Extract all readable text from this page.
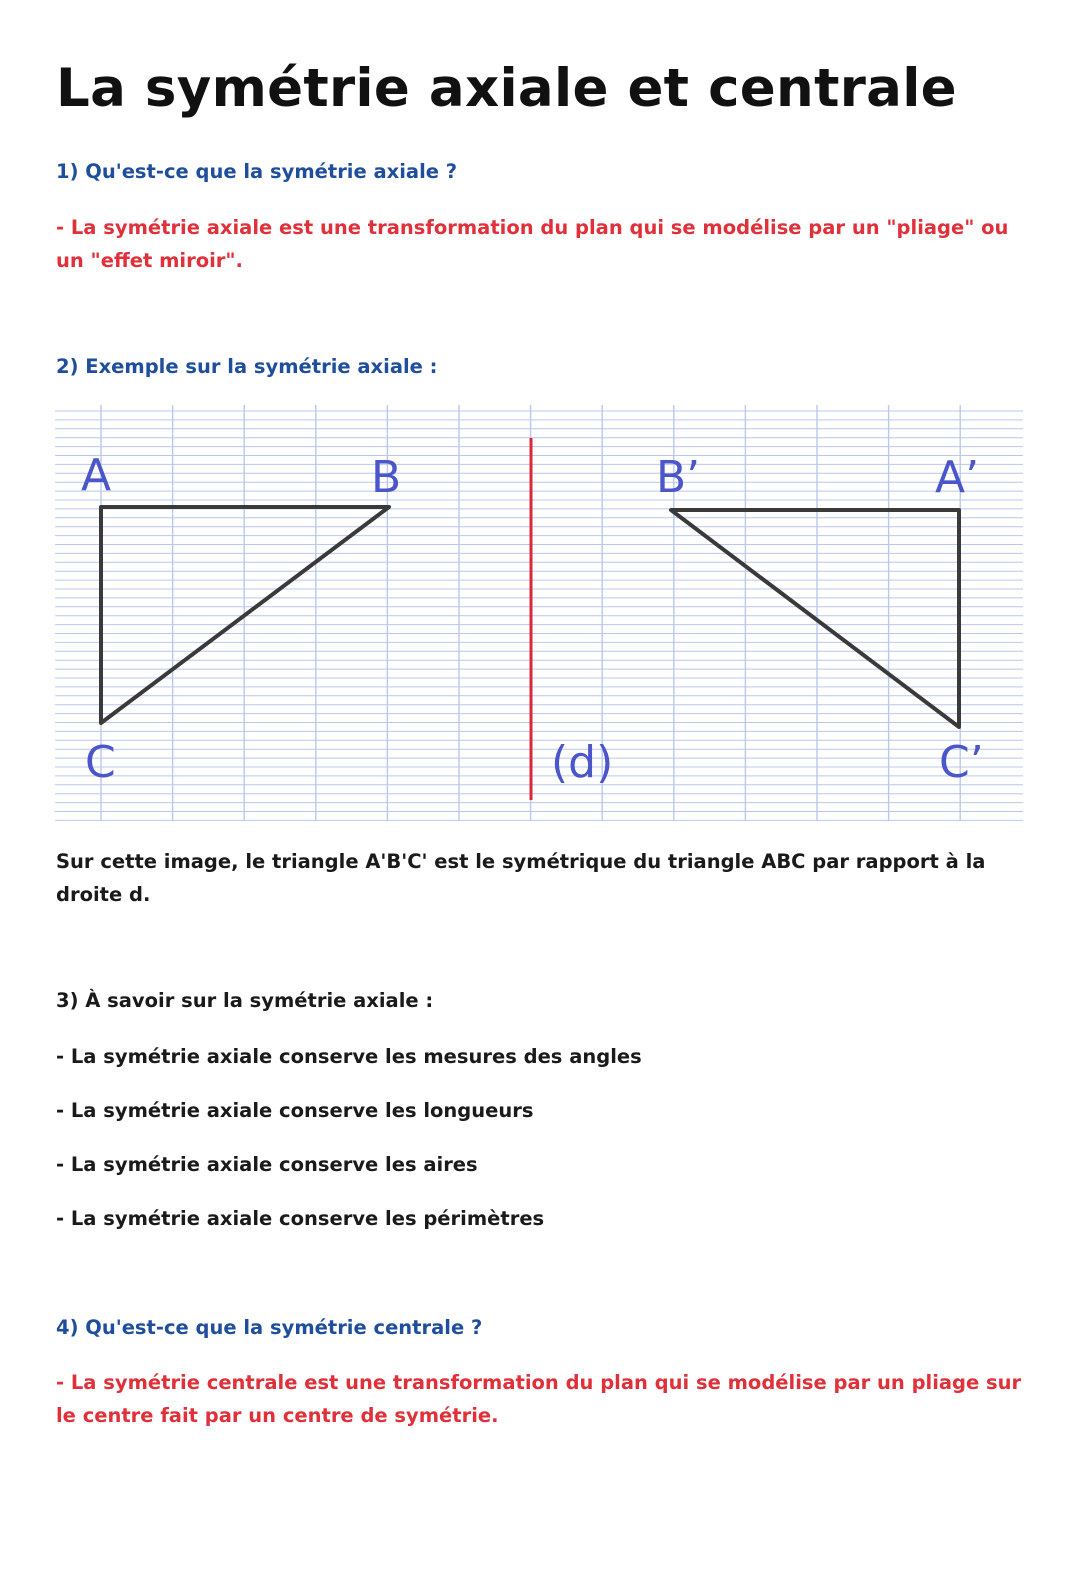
La symétrie axiale et centrale

1) Qu'est-ce que la symétrie axiale ?

- La symétrie axiale est une transformation du plan qui se modélise par un "pliage" ou un "effet miroir".

2) Exemple sur la symétrie axiale :

A	B
C
B’	A’
C’
(d)

Sur cette image, le triangle A'B'C' est le symétrique du triangle ABC par rapport à la droite d.

3) À savoir sur la symétrie axiale :

- La symétrie axiale conserve les mesures des angles

- La symétrie axiale conserve les longueurs

- La symétrie axiale conserve les aires

- La symétrie axiale conserve les périmètres

4) Qu'est-ce que la symétrie centrale ?

- La symétrie centrale est une transformation du plan qui se modélise par un pliage sur le centre fait par un centre de symétrie.
